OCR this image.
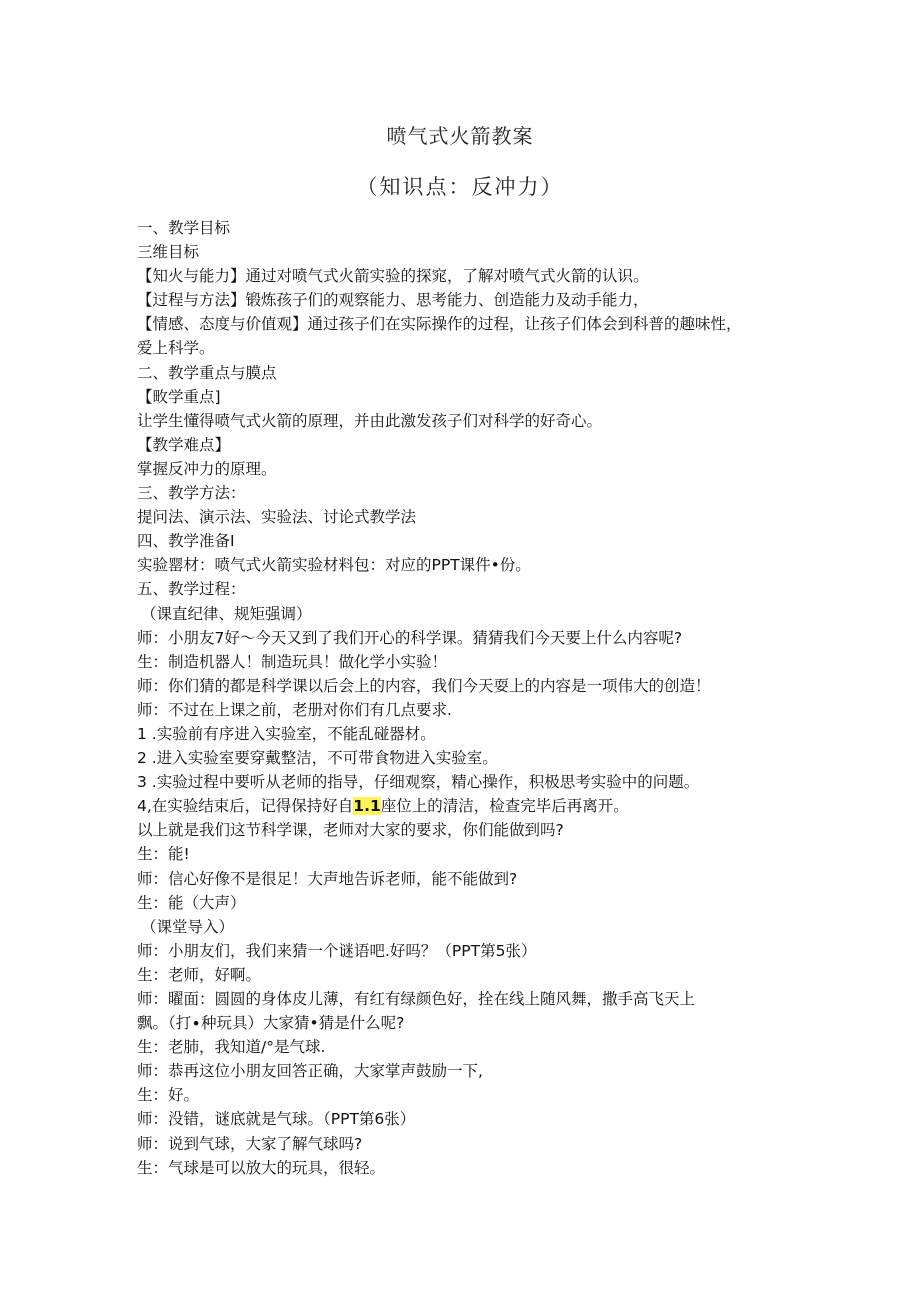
喷气式火箭教案
（知识点：反冲力）
一、教学目标
三维目标
【知火与能力】通过对喷气式火箭实验的探窕，了解对喷气式火箭的认识。
【过程与方法】锻炼孩子们的观察能力、思考能力、创造能力及动手能力，
【情感、态度与价值观】通过孩子们在实际操作的过程，让孩子们体会到科普的趣味性，
爱上科学。
二、教学重点与膜点
【畋学重点]
让学生懂得喷气式火箭的原理，并由此激发孩子们对科学的好奇心。
【教学难点】
掌握反冲力的原理。
三、教学方法：
提问法、演示法、实验法、讨论式教学法
四、教学准备I
实验罂材：喷气式火箭实验材料包：对应的PPT课件•份。
五、教学过程：
（课直纪律、规矩强调）
师：小朋友7好〜今天又到了我们开心的科学课。猜猜我们今天要上什么内容呢?
生：制造机器人！制造玩具！做化学小实验！
师：你们猜的都是科学课以后会上的内容，我们今天耍上的内容是一项伟大的创造！
师：不过在上课之前，老册对你们有几点要求.
1 .实验前有序进入实验室，不能乱碰器材。
2 .进入实验室要穿戴整洁，不可带食物进入实验室。
3 .实验过程中要听从老师的指导，仔细观察，精心操作，积极思考实验中的问题。
4,在实验结束后，记得保持好自1.1座位上的清洁，检查完毕后再离开。
以上就是我们这节科学课，老师对大家的要求，你们能做到吗?
生：能!
师：信心好像不是很足！大声地告诉老师，能不能做到?
生：能（大声）
（课堂导入）
师：小朋友们，我们来猜一个谜语吧.好吗？（PPT第5张）
生：老师，好啊。
师：曜面：圆圆的身体皮儿薄，有红有绿颜色好，拴在线上随风舞，撒手高飞天上
飘。（打∙种玩具）大家猜•猜是什么呢?
生：老肺，我知道/°是气球.
师：恭再这位小朋友回答正确，大家掌声鼓励一下,
生：好。
师：没错，谜底就是气球。（PPT第6张）
师：说到气球，大家了解气球吗?
生：气球是可以放大的玩具，很轻。
